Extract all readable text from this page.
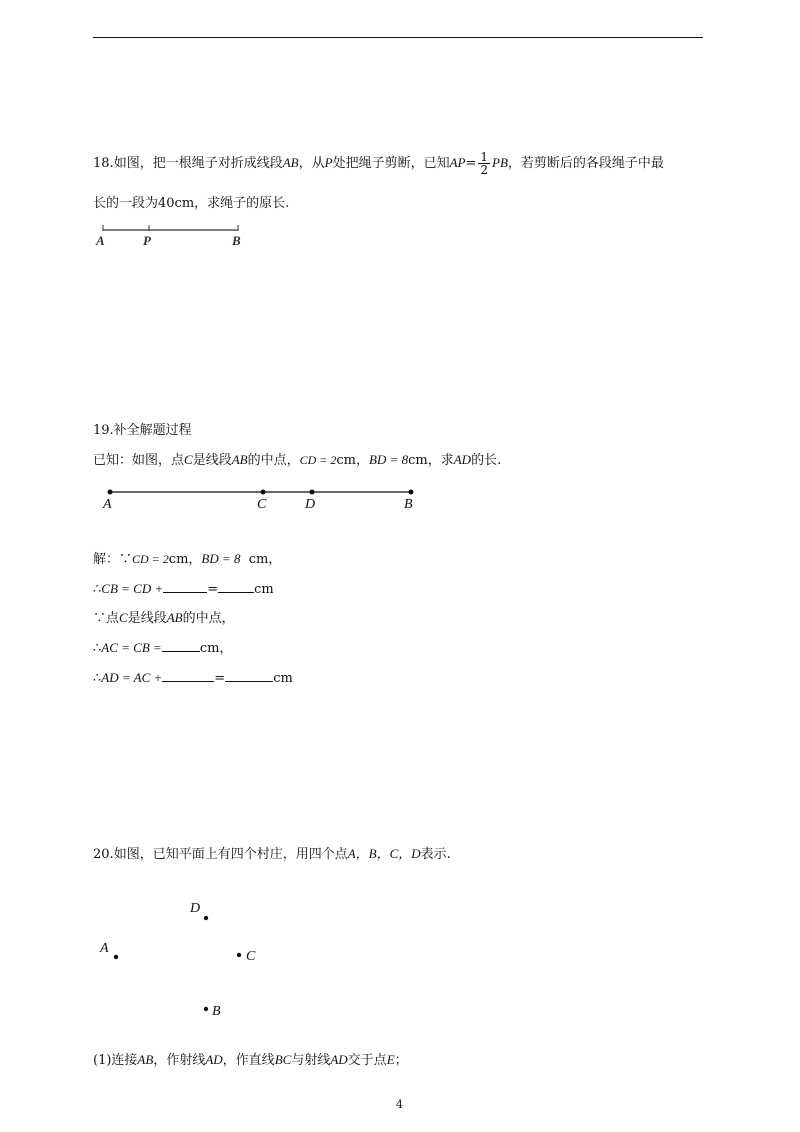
18.如图，把一根绳子对折成线段AB，从P处把绳子剪断，已知$AP= \frac{1}{2}$ PB，若剪断后的各段绳子中最
长的一段为40cm，求绳子的原长.
A	P	B
19.补全解题过程
已知：如图，点C是线段AB的中点，CD = 2cm，BD = 8cm，求AD的长.
A	C	D	B
解：∵CD = 2cm，BD = 8 cm，
∴CB = CD +	=	cm
∵点C是线段AB的中点，
∴AC = CB =	cm，
∴AD = AC +	=	cm
20.如图，已知平面上有四个村庄，用四个点A，B，C，D表示.
D
A
C
B
(1)连接AB，作射线AD，作直线BC与射线AD交于点E；
4
